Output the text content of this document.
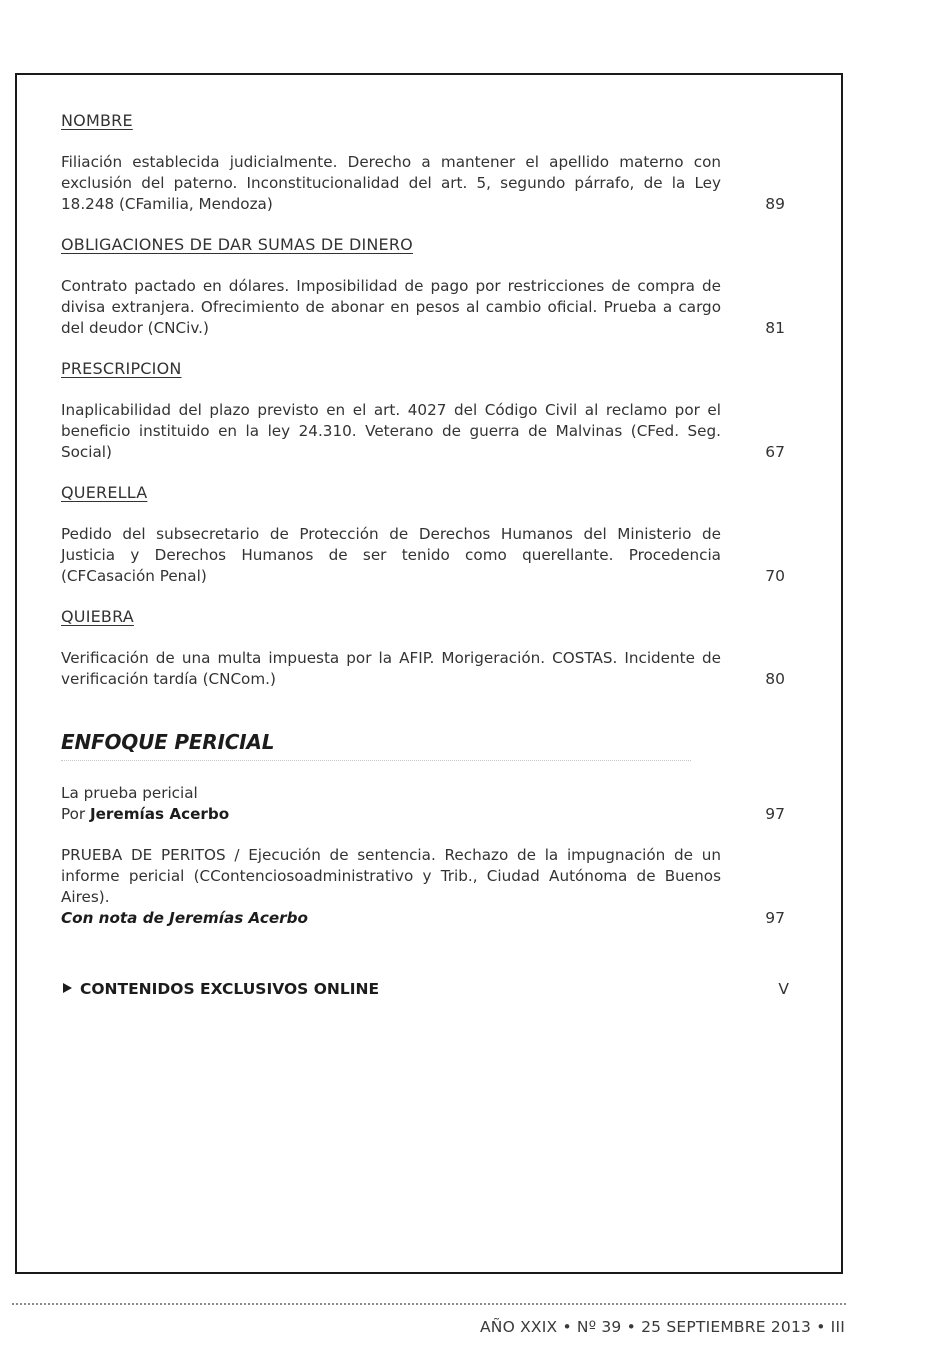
NOMBRE

Filiación establecida judicialmente. Derecho a mantener el apellido materno con exclusión del paterno. Inconstitucionalidad del art. 5, segundo párrafo, de la Ley 18.248 (CFamilia, Mendoza)	89

OBLIGACIONES DE DAR SUMAS DE DINERO

Contrato pactado en dólares. Imposibilidad de pago por restricciones de compra de divisa extranjera. Ofrecimiento de abonar en pesos al cambio oficial. Prueba a cargo del deudor (CNCiv.)	81

PRESCRIPCION

Inaplicabilidad del plazo previsto en el art. 4027 del Código Civil al reclamo por el beneficio instituido en la ley 24.310. Veterano de guerra de Malvinas (CFed. Seg. Social)	67

QUERELLA

Pedido del subsecretario de Protección de Derechos Humanos del Ministerio de Justicia y Derechos Humanos de ser tenido como querellante. Procedencia (CFCasación Penal)	70

QUIEBRA

Verificación de una multa impuesta por la AFIP. Morigeración. COSTAS. Incidente de verificación tardía (CNCom.)	80
ENFOQUE PERICIAL
La prueba pericial
Por Jeremías Acerbo	97
PRUEBA DE PERITOS / Ejecución de sentencia. Rechazo de la impugnación de un informe pericial (CContenciosoadministrativo y Trib., Ciudad Autónoma de Buenos Aires).
Con nota de Jeremías Acerbo	97
CONTENIDOS EXCLUSIVOS ONLINE	V
AÑO XXIX • Nº 39 • 25 SEPTIEMBRE 2013 • III
